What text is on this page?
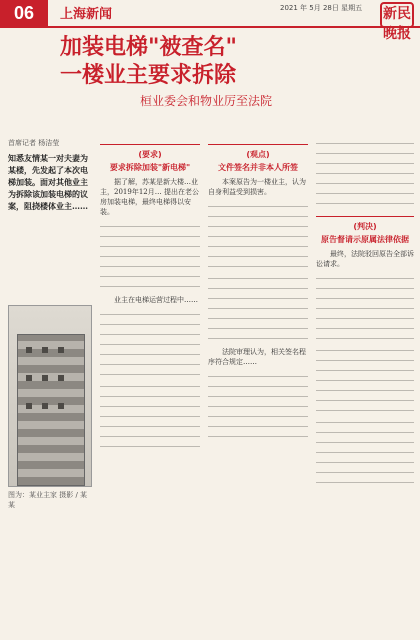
06	上海新闻	2021 年 5月 28日 星期五 新民晚报
加装电梯"被查名"
一楼业主要求拆除
桓业委会和物业厉至法院
首席记者 杨洁莹
知悉友情某一对夫妻为某楼，先发起了本次电梯加装。面对其他业主为拆除该加装电梯的议案，阻挠楼体业主……
图为：某业主家 摄影 / 某某
(要求)
要求拆除加装"新电梯"

据了解，苏某是新大楼…业主，2019年12月… 提出在老公房加装电梯，最终电梯得以安装。

业主在电梯运营过程中……

(观点)
文件签名并非本人所签

本案原告为一楼业主，认为自身利益受到损害。

法院审理认为，相关签名程序符合规定……

(判决)
原告督请示原属法律依据

最终，法院驳回原告全部诉讼请求。
